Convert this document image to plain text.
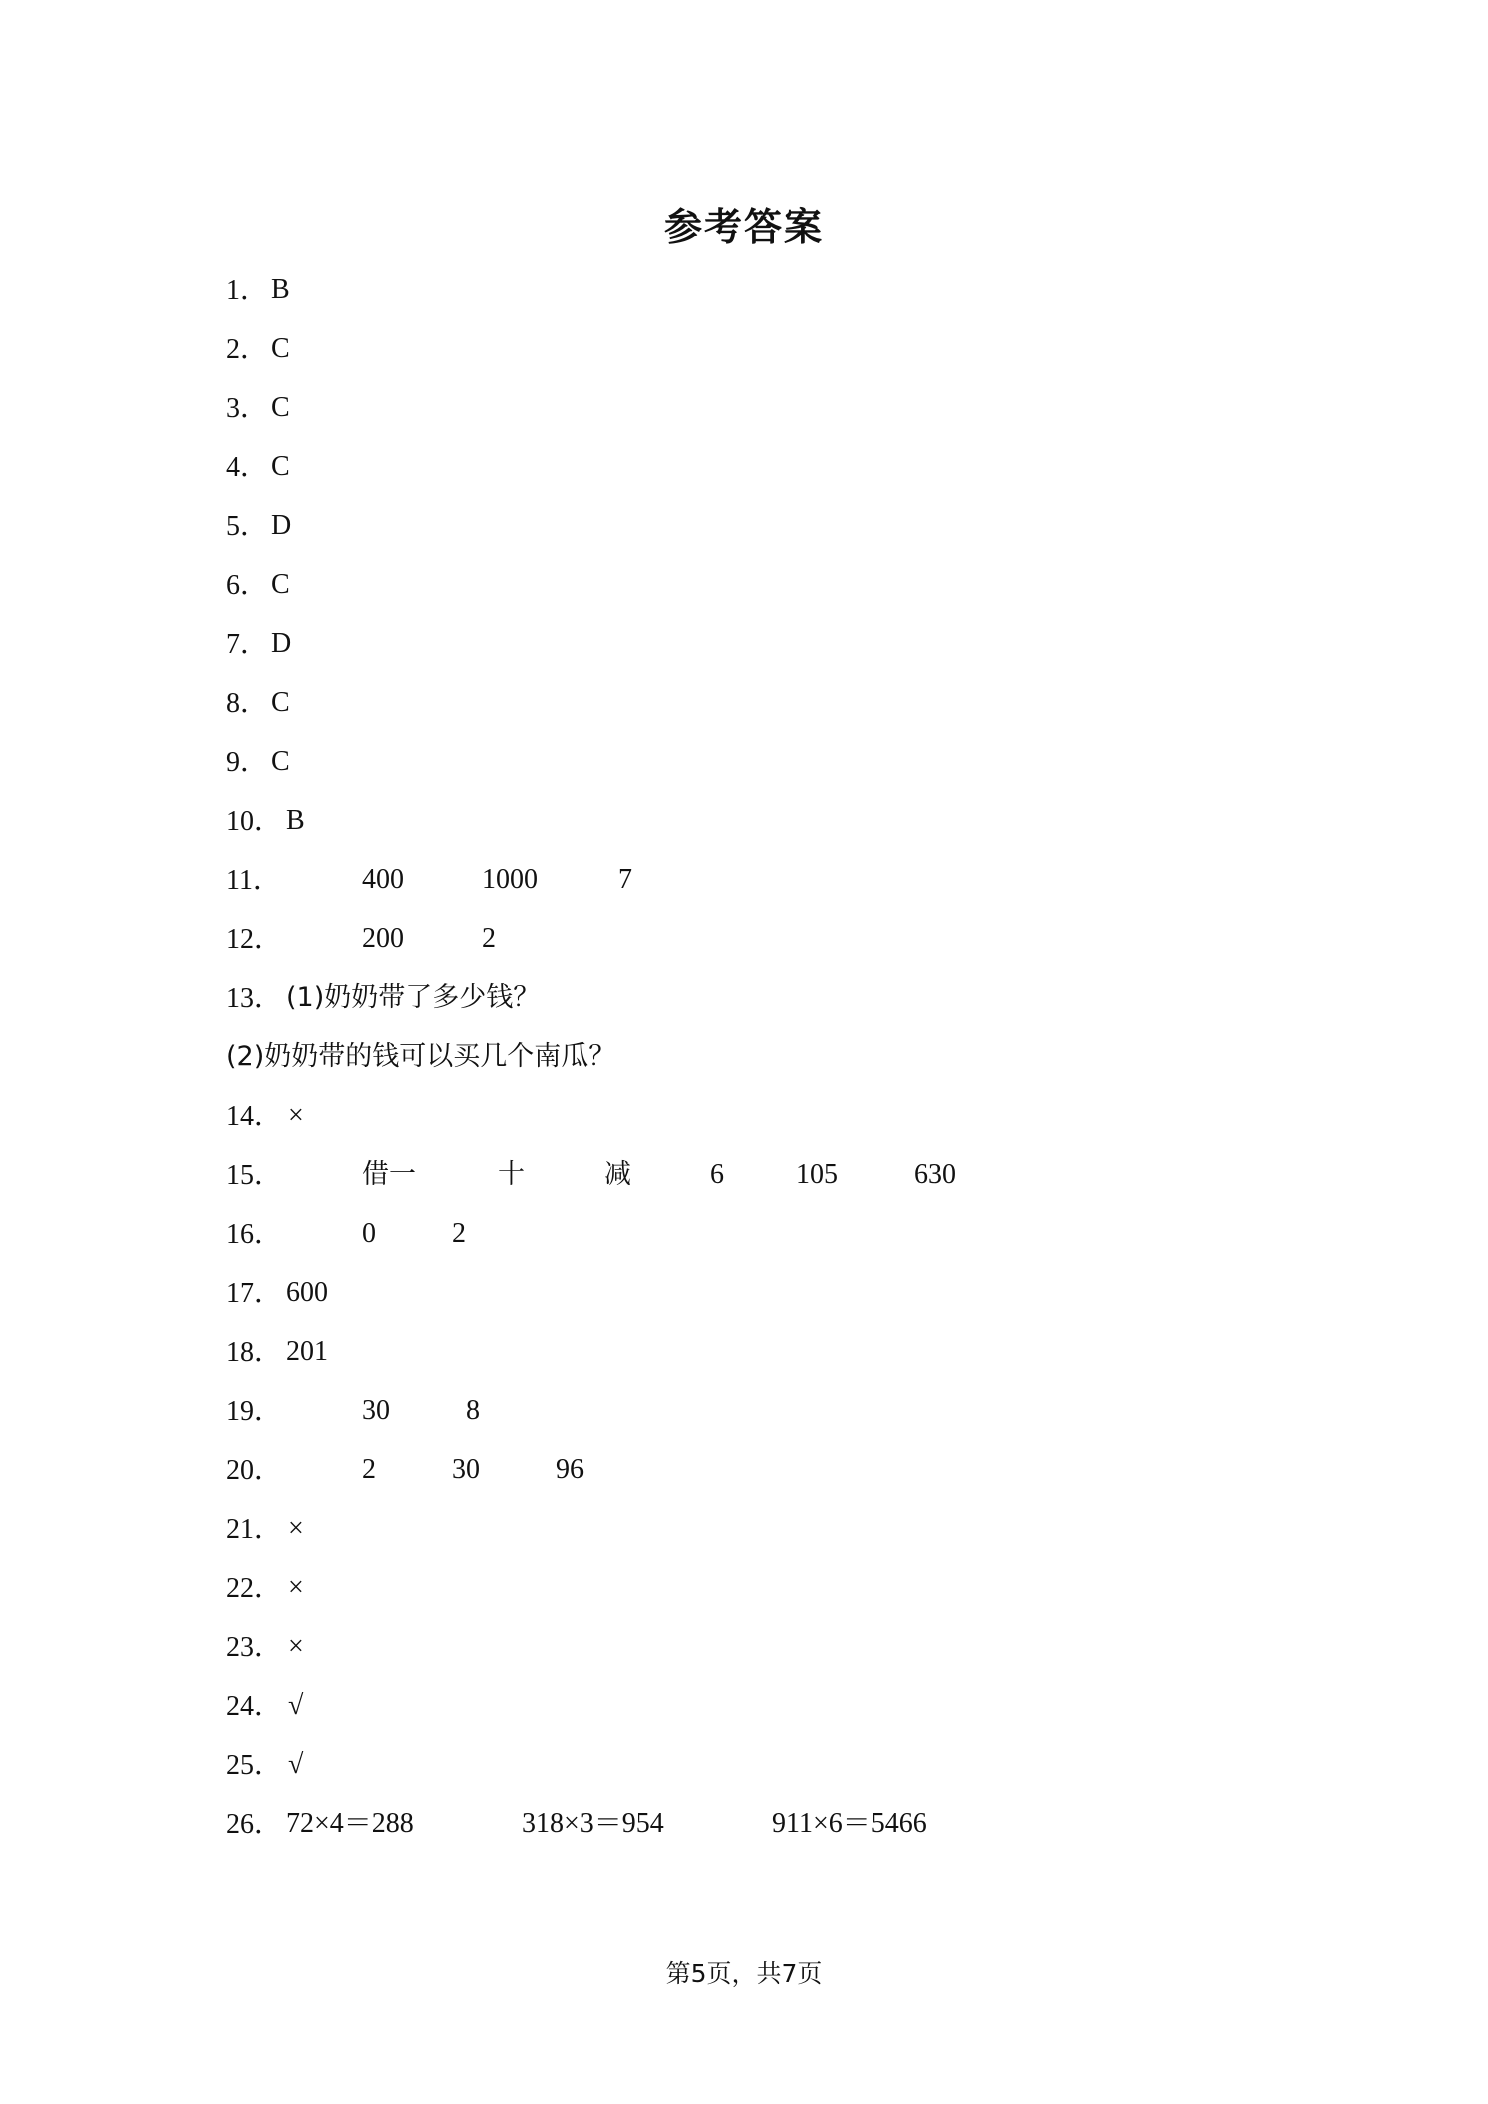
参考答案
1． B
2． C
3． C
4． C
5． D
6． C
7． D
8． C
9． C
10． B
11．	400	1000	7
12．	200	2
13． (1)奶奶带了多少钱？
(2)奶奶带的钱可以买几个南瓜？
14． ×
15．	借一	十	减	6	105	630
16．	0	2
17． 600
18． 201
19．	30	8
20．	2	30	96
21． ×
22． ×
23． ×
24． √
25． √
26． 72×4＝288	318×3＝954	911×6＝5466
第5页，共7页
